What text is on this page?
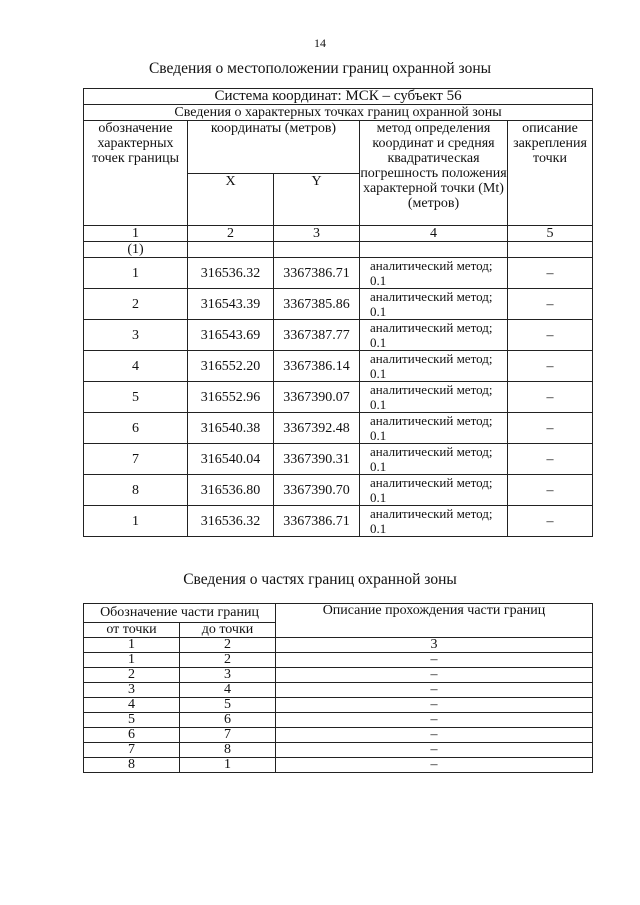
14
Сведения о местоположении границ охранной зоны
Система координат: МСК – субъект 56				
Сведения о характерных точках границ охранной зоны				
обозначение характерных точек границы	координаты (метров)		метод определения координат и средняя квадратическая погрешность положения характерной точки (Mt) (метров)	описание закрепления точки
	X	Y		
1	2	3	4	5
(1)				
1	316536.32	3367386.71	аналитический метод; 0.1	–
2	316543.39	3367385.86	аналитический метод; 0.1	–
3	316543.69	3367387.77	аналитический метод; 0.1	–
4	316552.20	3367386.14	аналитический метод; 0.1	–
5	316552.96	3367390.07	аналитический метод; 0.1	–
6	316540.38	3367392.48	аналитический метод; 0.1	–
7	316540.04	3367390.31	аналитический метод; 0.1	–
8	316536.80	3367390.70	аналитический метод; 0.1	–
1	316536.32	3367386.71	аналитический метод; 0.1	–
Сведения о частях границ охранной зоны
Обозначение части границ		Описание прохождения части границ
от точки	до точки	
1	2	3
1	2	–
2	3	–
3	4	–
4	5	–
5	6	–
6	7	–
7	8	–
8	1	–
